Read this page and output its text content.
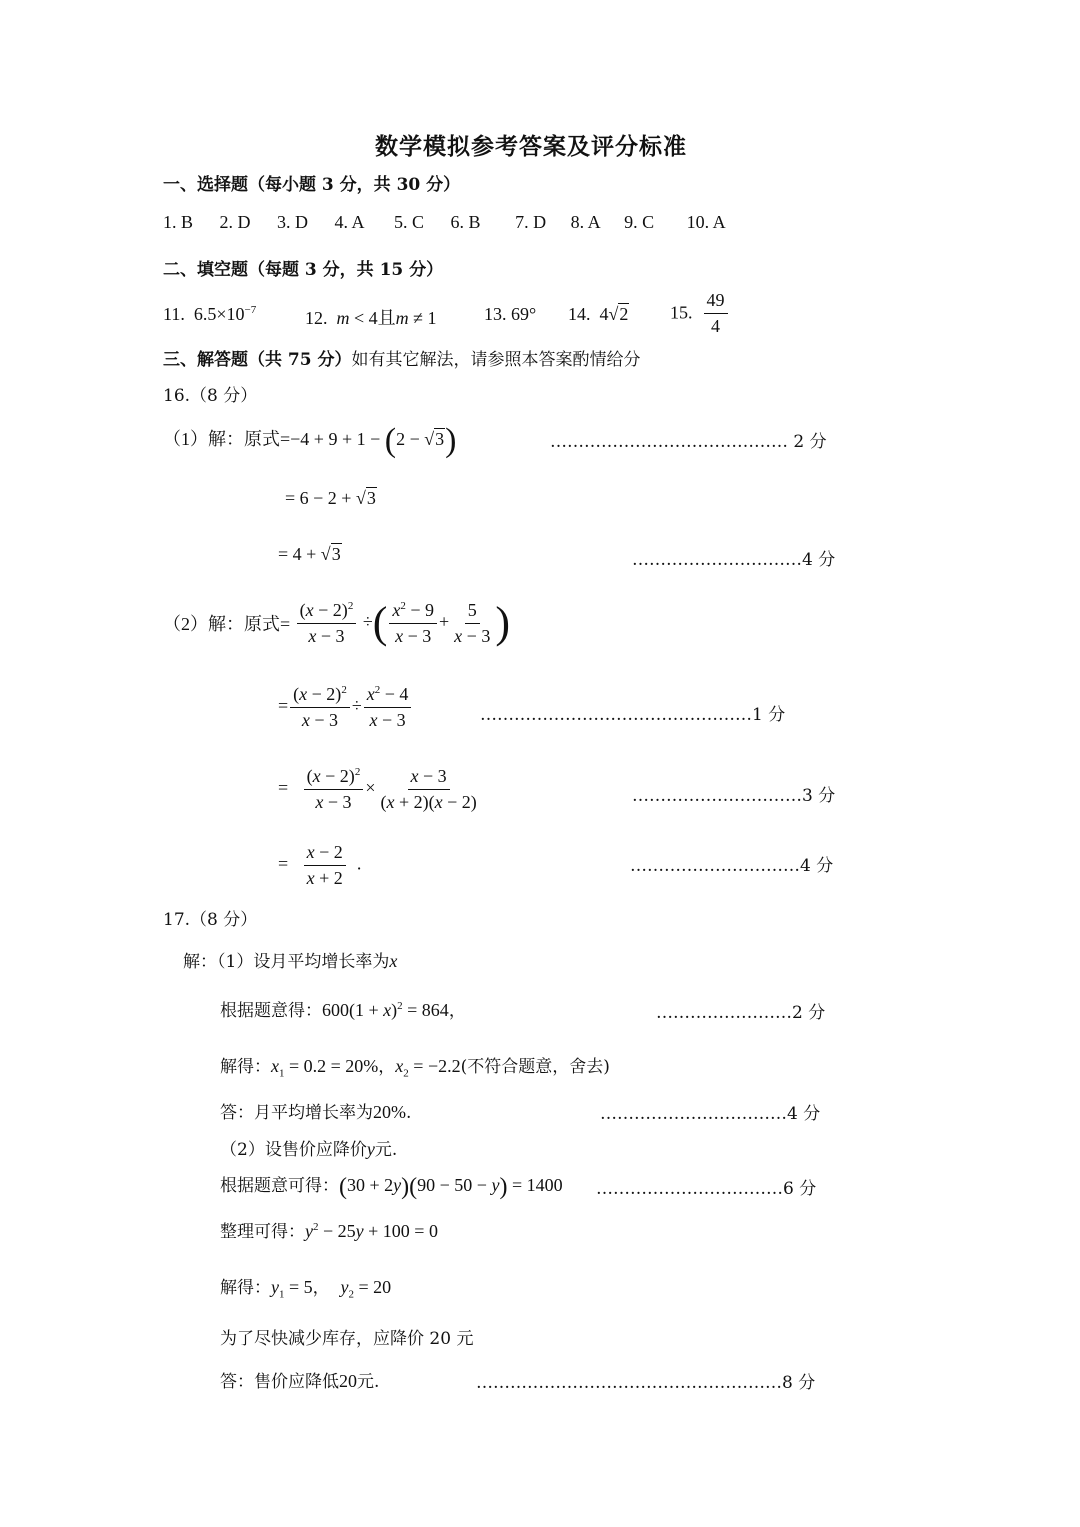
数学模拟参考答案及评分标准
一、选择题（每小题 3 分，共 30 分）
1. B 2. D 3. D 4. A 5. C 6. B 7. D 8. A 9. C 10. A
二、填空题（每题 3 分，共 15 分）
11.  $6.5\times 10^{-7}$	12. m < 4且m ≠ 1	13. 69° 14.  4√2 15. $\frac{49}{4}$
三、解答题（共 75 分）如有其它解法，请参照本答案酌情给分
16.（8 分）
（1）解：原式=−4 + 9 + 1 − (2 − √3)	…………………………………… 2 分
= 6 − 2 + √3
= 4 + √3	…………………………4 分
（2）解：原式= $\frac{(x - 2)^2}{x - 3}$ ÷( $\frac{x^2 - 9}{x - 3} + \frac{5}{x - 3}$ )
= $\frac{(x - 2)^2}{x - 3} \div \frac{x^2 - 4}{x - 3}$	…………………………………………1 分
= $\frac{(x - 2)^2}{x - 3} \times \frac{x - 3}{(x + 2)(x - 2)}$	…………………………3 分
= $\frac{x - 2}{x + 2}$ .	…………………………4 分
17.（8 分）
解：（1）设月平均增长率为x
根据题意得：$600(1 + x)^2 = 864$，	……………………2 分
解得：$x_1 = 0.2 = 20\%$，$x_2 = -2.2$(不符合题意，舍去)
答：月平均增长率为20%.	……………………………4 分
（2）设售价应降价y元.
根据题意可得：(30 + 2y)(90 − 50 − y) = 1400 ……………………………6 分
整理可得：$y^2 - 25y + 100 = 0$
解得：$y_1 = 5$，  $y_2 = 20$
为了尽快减少库存，应降价 20 元
答：售价应降低20元.	………………………………………………8 分
